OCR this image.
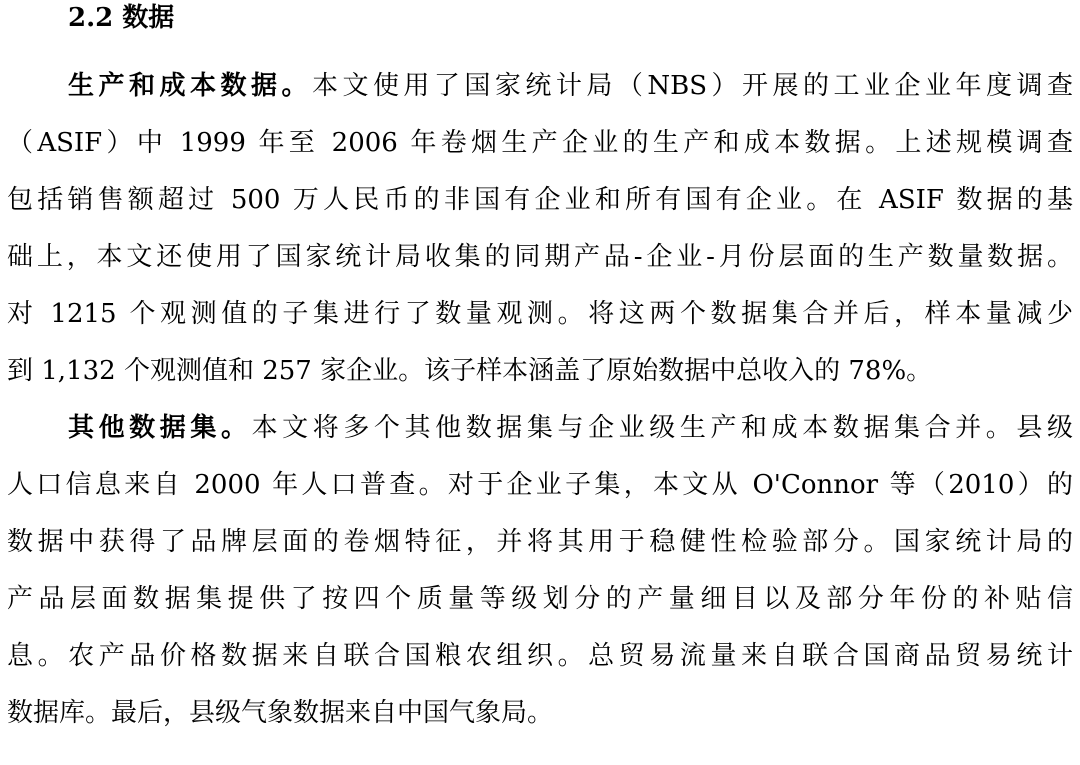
2.2 数据
生产和成本数据。本文使用了国家统计局（NBS）开展的工业企业年度调查
（ASIF）中 1999 年至 2006 年卷烟生产企业的生产和成本数据。上述规模调查
包括销售额超过 500 万人民币的非国有企业和所有国有企业。在 ASIF 数据的基
础上，本文还使用了国家统计局收集的同期产品-企业-月份层面的生产数量数据。
对 1215 个观测值的子集进行了数量观测。将这两个数据集合并后，样本量减少
到 1,132 个观测值和 257 家企业。该子样本涵盖了原始数据中总收入的 78%。
其他数据集。本文将多个其他数据集与企业级生产和成本数据集合并。县级
人口信息来自 2000 年人口普查。对于企业子集，本文从 O'Connor 等（2010）的
数据中获得了品牌层面的卷烟特征，并将其用于稳健性检验部分。国家统计局的
产品层面数据集提供了按四个质量等级划分的产量细目以及部分年份的补贴信
息。农产品价格数据来自联合国粮农组织。总贸易流量来自联合国商品贸易统计
数据库。最后，县级气象数据来自中国气象局。
